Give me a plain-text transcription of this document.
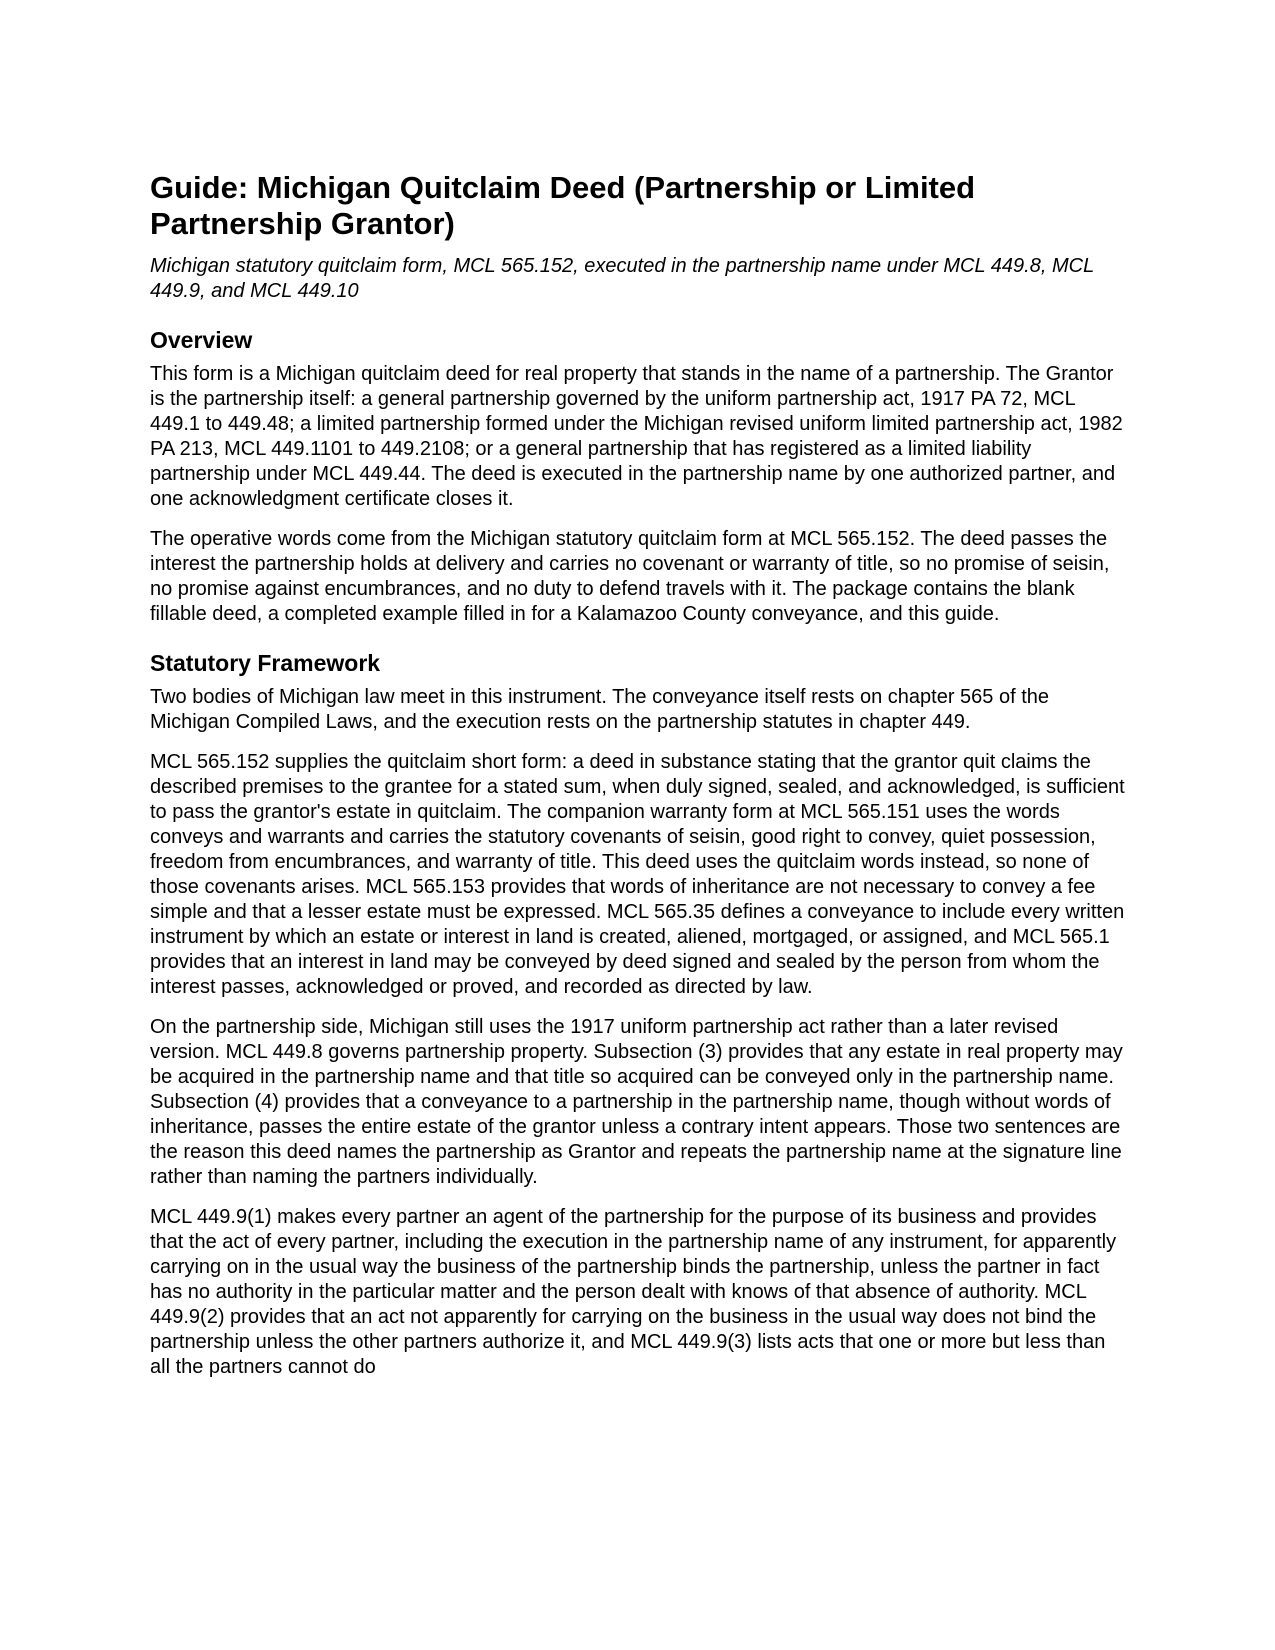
Guide: Michigan Quitclaim Deed (Partnership or Limited Partnership Grantor)
Michigan statutory quitclaim form, MCL 565.152, executed in the partnership name under MCL 449.8, MCL 449.9, and MCL 449.10
Overview

This form is a Michigan quitclaim deed for real property that stands in the name of a partnership. The Grantor is the partnership itself: a general partnership governed by the uniform partnership act, 1917 PA 72, MCL 449.1 to 449.48; a limited partnership formed under the Michigan revised uniform limited partnership act, 1982 PA 213, MCL 449.1101 to 449.2108; or a general partnership that has registered as a limited liability partnership under MCL 449.44. The deed is executed in the partnership name by one authorized partner, and one acknowledgment certificate closes it.

The operative words come from the Michigan statutory quitclaim form at MCL 565.152. The deed passes the interest the partnership holds at delivery and carries no covenant or warranty of title, so no promise of seisin, no promise against encumbrances, and no duty to defend travels with it. The package contains the blank fillable deed, a completed example filled in for a Kalamazoo County conveyance, and this guide.

Statutory Framework

Two bodies of Michigan law meet in this instrument. The conveyance itself rests on chapter 565 of the Michigan Compiled Laws, and the execution rests on the partnership statutes in chapter 449.

MCL 565.152 supplies the quitclaim short form: a deed in substance stating that the grantor quit claims the described premises to the grantee for a stated sum, when duly signed, sealed, and acknowledged, is sufficient to pass the grantor's estate in quitclaim. The companion warranty form at MCL 565.151 uses the words conveys and warrants and carries the statutory covenants of seisin, good right to convey, quiet possession, freedom from encumbrances, and warranty of title. This deed uses the quitclaim words instead, so none of those covenants arises. MCL 565.153 provides that words of inheritance are not necessary to convey a fee simple and that a lesser estate must be expressed. MCL 565.35 defines a conveyance to include every written instrument by which an estate or interest in land is created, aliened, mortgaged, or assigned, and MCL 565.1 provides that an interest in land may be conveyed by deed signed and sealed by the person from whom the interest passes, acknowledged or proved, and recorded as directed by law.

On the partnership side, Michigan still uses the 1917 uniform partnership act rather than a later revised version. MCL 449.8 governs partnership property. Subsection (3) provides that any estate in real property may be acquired in the partnership name and that title so acquired can be conveyed only in the partnership name. Subsection (4) provides that a conveyance to a partnership in the partnership name, though without words of inheritance, passes the entire estate of the grantor unless a contrary intent appears. Those two sentences are the reason this deed names the partnership as Grantor and repeats the partnership name at the signature line rather than naming the partners individually.

MCL 449.9(1) makes every partner an agent of the partnership for the purpose of its business and provides that the act of every partner, including the execution in the partnership name of any instrument, for apparently carrying on in the usual way the business of the partnership binds the partnership, unless the partner in fact has no authority in the particular matter and the person dealt with knows of that absence of authority. MCL 449.9(2) provides that an act not apparently for carrying on the business in the usual way does not bind the partnership unless the other partners authorize it, and MCL 449.9(3) lists acts that one or more but less than all the partners cannot do
